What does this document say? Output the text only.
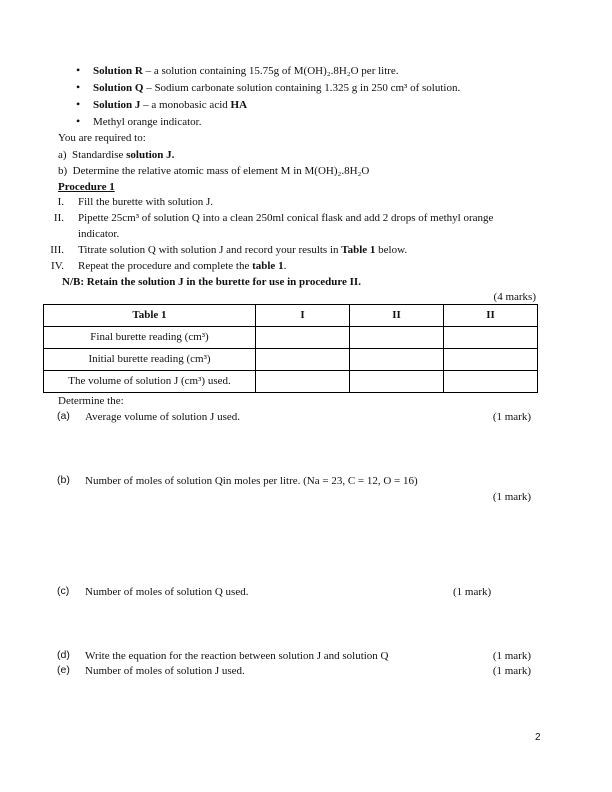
• Solution R – a solution containing 15.75g of M(OH)₂.8H₂O per litre.
• Solution Q – Sodium carbonate solution containing 1.325 g in 250 cm³ of solution.
• Solution J – a monobasic acid HA
• Methyl orange indicator.
You are required to:
a) Standardise solution J.
b) Determine the relative atomic mass of element M in M(OH)₂.8H₂O
Procedure 1
I. Fill the burette with solution J.
II. Pipette 25cm³ of solution Q into a clean 250ml conical flask and add 2 drops of methyl orange
indicator.
III. Titrate solution Q with solution J and record your results in Table 1 below.
IV. Repeat the procedure and complete the table 1.
N/B: Retain the solution J in the burette for use in procedure II.
(4 marks)
Table 1	I	II	II
Final burette reading (cm³)			
Initial burette reading (cm³)			
The volume of solution J (cm³) used.			
Determine the:
(a) Average volume of solution J used.	(1 mark)
(b) Number of moles of solution Qin moles per litre. (Na = 23, C = 12, O = 16)
(1 mark)
(c) Number of moles of solution Q used.	(1 mark)
(d) Write the equation for the reaction between solution J and solution Q	(1 mark)
(e) Number of moles of solution J used.	(1 mark)
2
